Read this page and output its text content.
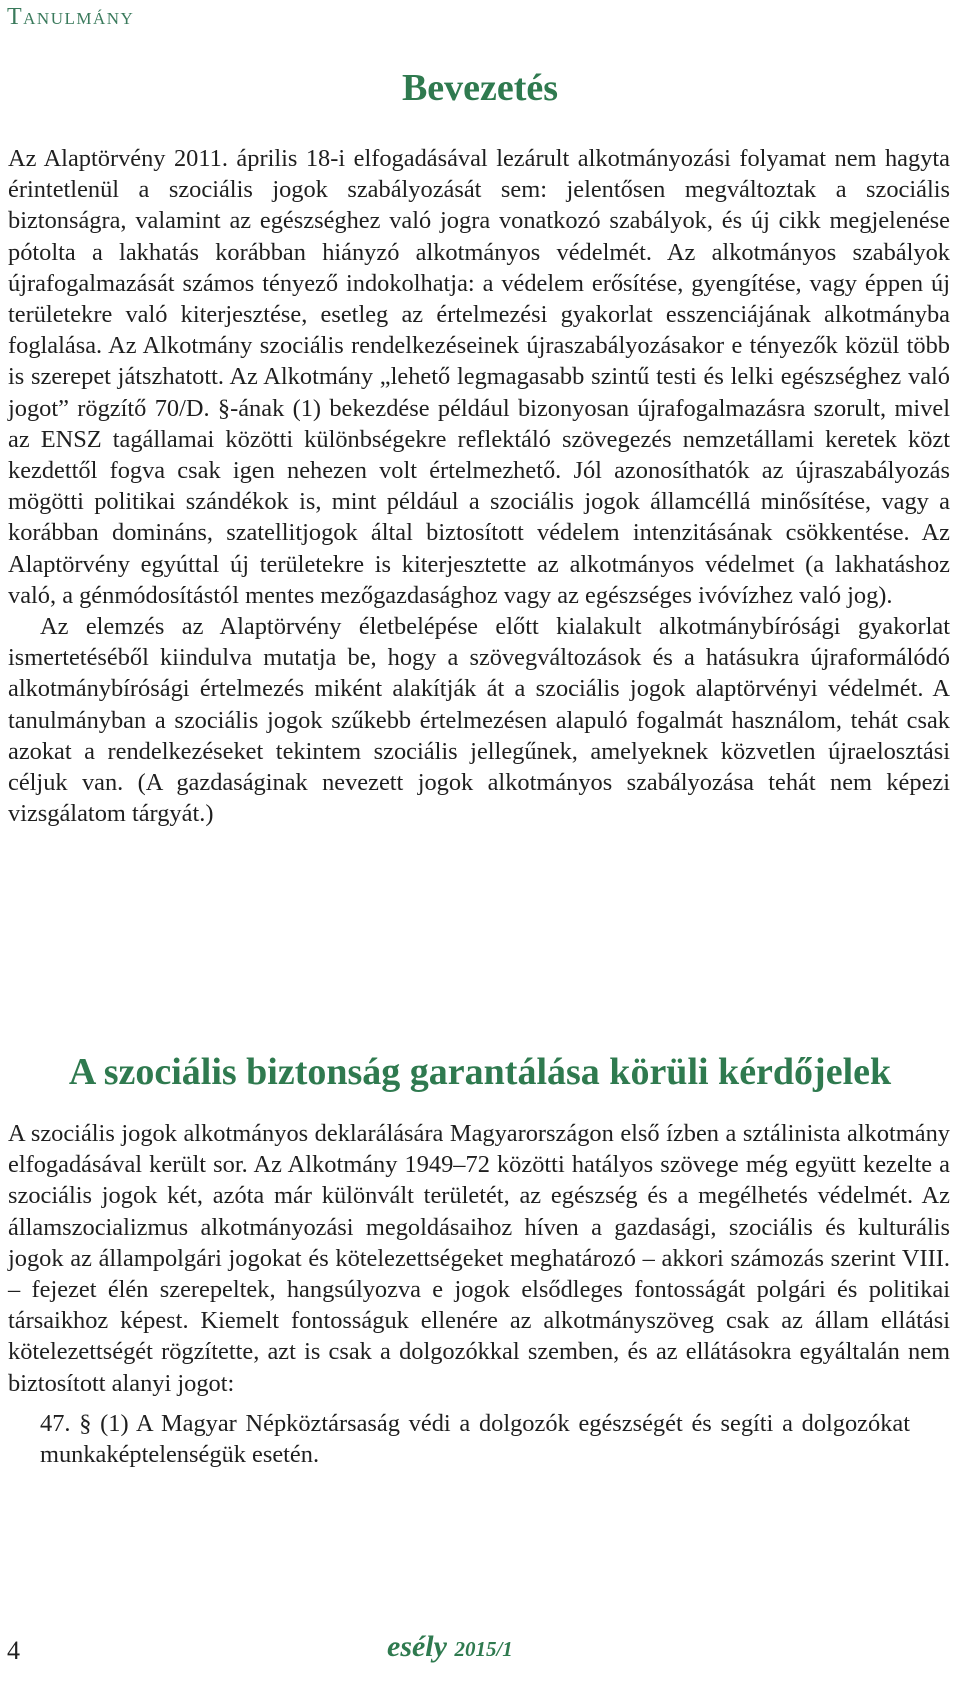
Tanulmány
Bevezetés

Az Alaptörvény 2011. április 18-i elfogadásával lezárult alkotmányozási folyamat nem hagyta érintetlenül a szociális jogok szabályozását sem: jelentősen megváltoztak a szociális biztonságra, valamint az egészséghez való jogra vonatkozó szabályok, és új cikk megjelenése pótolta a lakhatás korábban hiányzó alkotmányos védelmét. Az alkotmányos szabályok újrafogalmazását számos tényező indokolhatja: a védelem erősítése, gyengítése, vagy éppen új területekre való kiterjesztése, esetleg az értelmezési gyakorlat esszenciájának alkotmányba foglalása. Az Alkotmány szociális rendelkezéseinek újraszabályozásakor e tényezők közül több is szerepet játszhatott. Az Alkotmány „lehető legmagasabb szintű testi és lelki egészséghez való jogot” rögzítő 70/D. §-ának (1) bekezdése például bizonyosan újrafogalmazásra szorult, mivel az ENSZ tagállamai közötti különbségekre reflektáló szövegezés nemzetállami keretek közt kezdettől fogva csak igen nehezen volt értelmezhető. Jól azonosíthatók az újraszabályozás mögötti politikai szándékok is, mint például a szociális jogok államcéllá minősítése, vagy a korábban domináns, szatellitjogok által biztosított védelem intenzitásának csökkentése. Az Alaptörvény egyúttal új területekre is kiterjesztette az alkotmányos védelmet (a lakhatáshoz való, a génmódosítástól mentes mezőgazdasághoz vagy az egészséges ivóvízhez való jog).

Az elemzés az Alaptörvény életbelépése előtt kialakult alkotmánybírósági gyakorlat ismertetéséből kiindulva mutatja be, hogy a szövegváltozások és a hatásukra újraformálódó alkotmánybírósági értelmezés miként alakítják át a szociális jogok alaptörvényi védelmét. A tanulmányban a szociális jogok szűkebb értelmezésen alapuló fogalmát használom, tehát csak azokat a rendelkezéseket tekintem szociális jellegűnek, amelyeknek közvetlen újraelosztási céljuk van. (A gazdaságinak nevezett jogok alkotmányos szabályozása tehát nem képezi vizsgálatom tárgyát.)

A szociális biztonság garantálása körüli kérdőjelek

A szociális jogok alkotmányos deklarálására Magyarországon első ízben a sztálinista alkotmány elfogadásával került sor. Az Alkotmány 1949–72 közötti hatályos szövege még együtt kezelte a szociális jogok két, azóta már különvált területét, az egészség és a megélhetés védelmét. Az államszocializmus alkotmányozási megoldásaihoz híven a gazdasági, szociális és kulturális jogok az állampolgári jogokat és kötelezettségeket meghatározó – akkori számozás szerint VIII. – fejezet élén szerepeltek, hangsúlyozva e jogok elsődleges fontosságát polgári és politikai társaikhoz képest. Kiemelt fontosságuk ellenére az alkotmányszöveg csak az állam ellátási kötelezettségét rögzítette, azt is csak a dolgozókkal szemben, és az ellátásokra egyáltalán nem biztosított alanyi jogot:

47. § (1) A Magyar Népköztársaság védi a dolgozók egészségét és segíti a dolgozókat munkaképtelenségük esetén.

4	esély 2015/1
